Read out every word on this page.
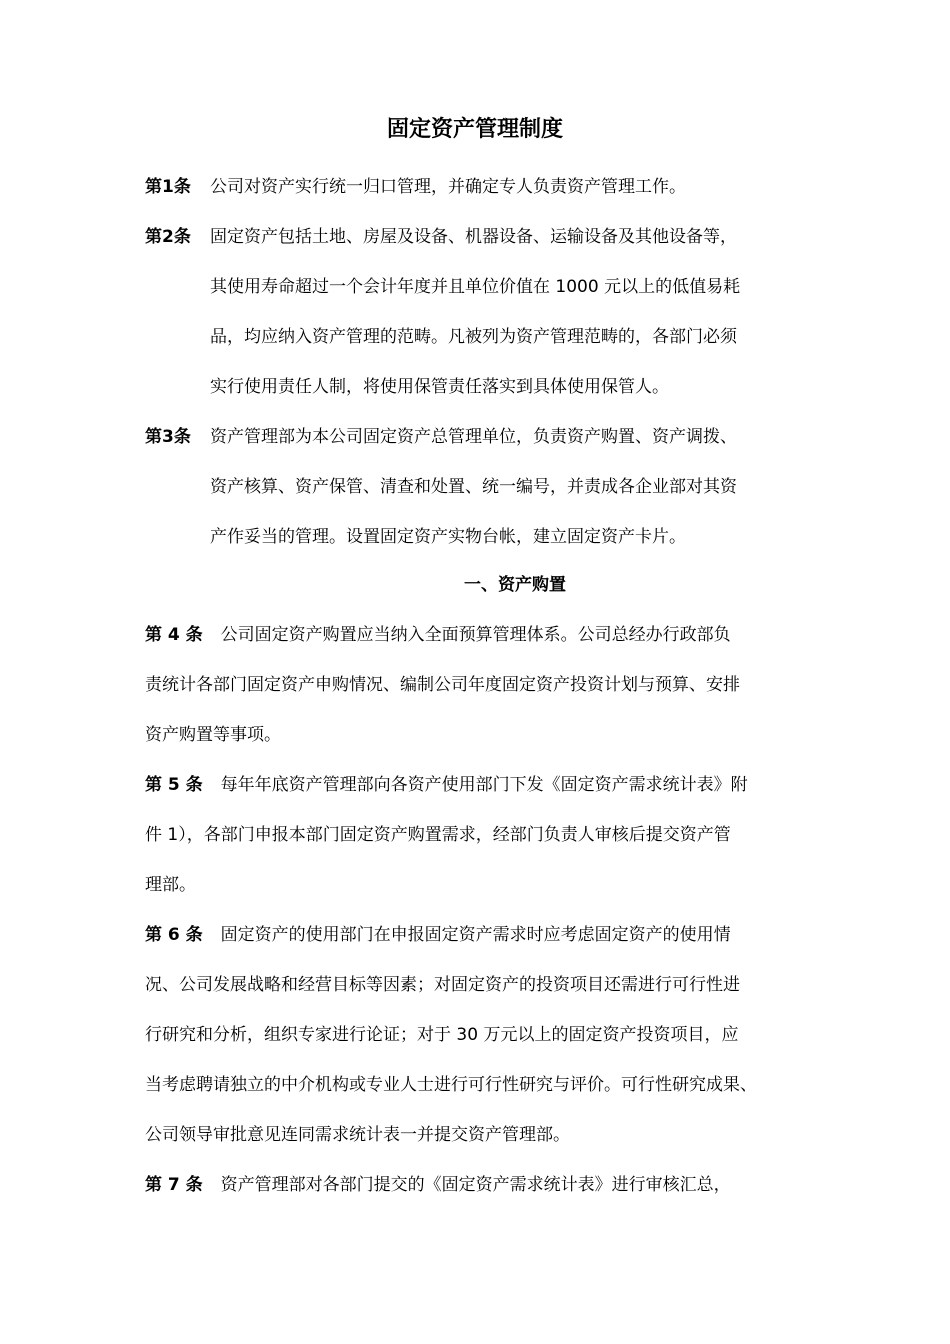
固定资产管理制度
第1条 公司对资产实行统一归口管理，并确定专人负责资产管理工作。
第2条 固定资产包括土地、房屋及设备、机器设备、运输设备及其他设备等，
其使用寿命超过一个会计年度并且单位价值在 1000 元以上的低值易耗
品，均应纳入资产管理的范畴。凡被列为资产管理范畴的，各部门必须
实行使用责任人制，将使用保管责任落实到具体使用保管人。
第3条 资产管理部为本公司固定资产总管理单位，负责资产购置、资产调拨、
资产核算、资产保管、清查和处置、统一编号，并责成各企业部对其资
产作妥当的管理。设置固定资产实物台帐，建立固定资产卡片。
一、资产购置
第 4 条 公司固定资产购置应当纳入全面预算管理体系。公司总经办行政部负
责统计各部门固定资产申购情况、编制公司年度固定资产投资计划与预算、安排
资产购置等事项。
第 5 条 每年年底资产管理部向各资产使用部门下发《固定资产需求统计表》附
件 1），各部门申报本部门固定资产购置需求，经部门负责人审核后提交资产管
理部。
第 6 条 固定资产的使用部门在申报固定资产需求时应考虑固定资产的使用情
况、公司发展战略和经营目标等因素；对固定资产的投资项目还需进行可行性进
行研究和分析，组织专家进行论证；对于 30 万元以上的固定资产投资项目，应
当考虑聘请独立的中介机构或专业人士进行可行性研究与评价。可行性研究成果、
公司领导审批意见连同需求统计表一并提交资产管理部。
第 7 条 资产管理部对各部门提交的《固定资产需求统计表》进行审核汇总，
